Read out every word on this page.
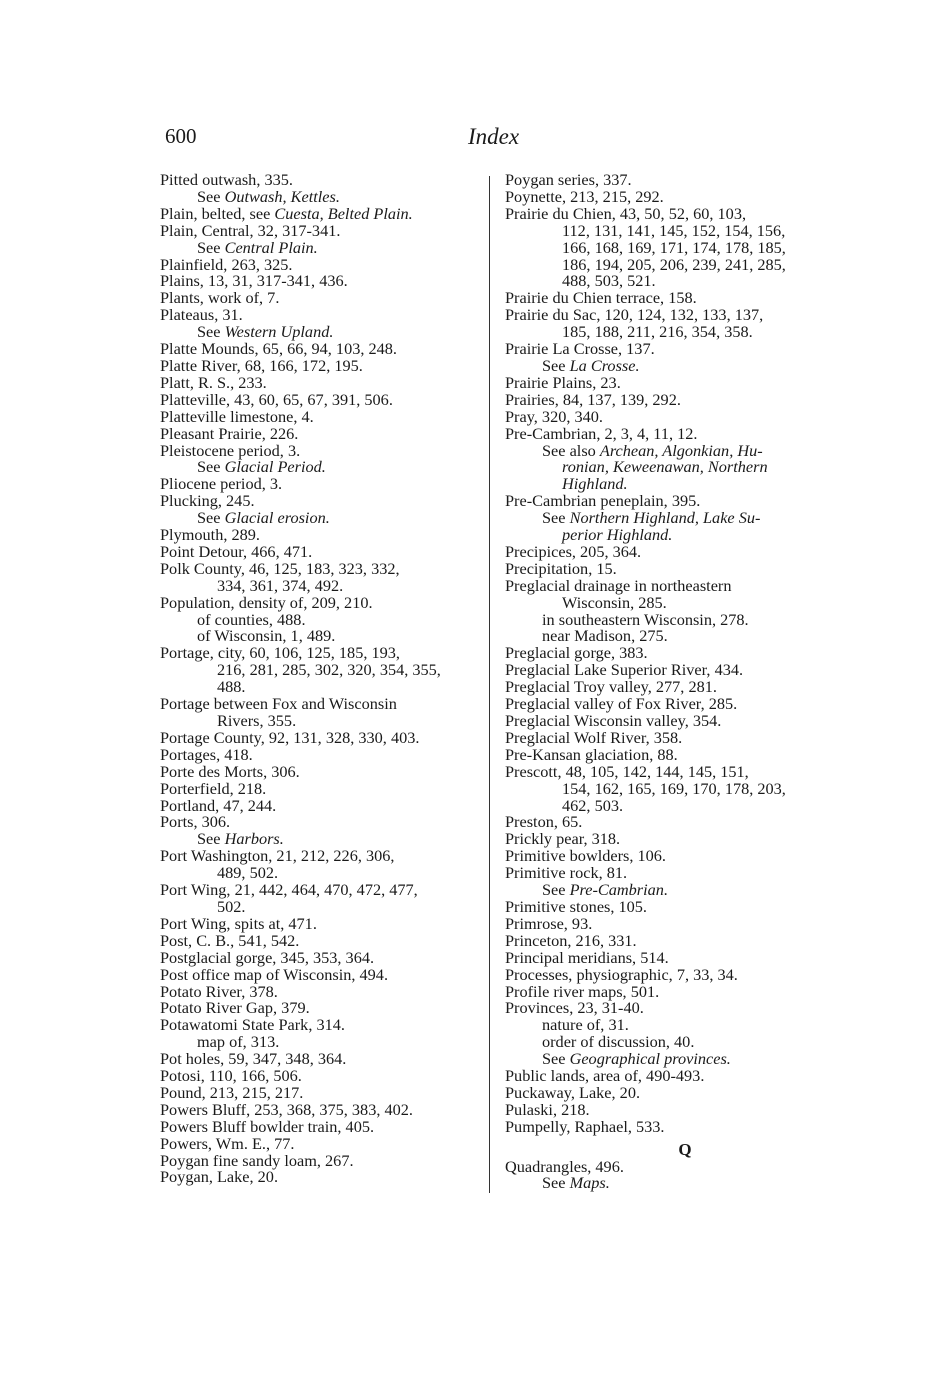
600	Index
Pitted outwash, 335.
See Outwash, Kettles.
Plain, belted, see Cuesta, Belted Plain.
Plain, Central, 32, 317-341.
See Central Plain.
Plainfield, 263, 325.
Plains, 13, 31, 317-341, 436.
Plants, work of, 7.
Plateaus, 31.
See Western Upland.
Platte Mounds, 65, 66, 94, 103, 248.
Platte River, 68, 166, 172, 195.
Platt, R. S., 233.
Platteville, 43, 60, 65, 67, 391, 506.
Platteville limestone, 4.
Pleasant Prairie, 226.
Pleistocene period, 3.
See Glacial Period.
Pliocene period, 3.
Plucking, 245.
See Glacial erosion.
Plymouth, 289.
Point Detour, 466, 471.
Polk County, 46, 125, 183, 323, 332,
334, 361, 374, 492.
Population, density of, 209, 210.
of counties, 488.
of Wisconsin, 1, 489.
Portage, city, 60, 106, 125, 185, 193,
216, 281, 285, 302, 320, 354, 355,
488.
Portage between Fox and Wisconsin
Rivers, 355.
Portage County, 92, 131, 328, 330, 403.
Portages, 418.
Porte des Morts, 306.
Porterfield, 218.
Portland, 47, 244.
Ports, 306.
See Harbors.
Port Washington, 21, 212, 226, 306,
489, 502.
Port Wing, 21, 442, 464, 470, 472, 477,
502.
Port Wing, spits at, 471.
Post, C. B., 541, 542.
Postglacial gorge, 345, 353, 364.
Post office map of Wisconsin, 494.
Potato River, 378.
Potato River Gap, 379.
Potawatomi State Park, 314.
map of, 313.
Pot holes, 59, 347, 348, 364.
Potosi, 110, 166, 506.
Pound, 213, 215, 217.
Powers Bluff, 253, 368, 375, 383, 402.
Powers Bluff bowlder train, 405.
Powers, Wm. E., 77.
Poygan fine sandy loam, 267.
Poygan, Lake, 20.
Poygan series, 337.
Poynette, 213, 215, 292.
Prairie du Chien, 43, 50, 52, 60, 103,
112, 131, 141, 145, 152, 154, 156,
166, 168, 169, 171, 174, 178, 185,
186, 194, 205, 206, 239, 241, 285,
488, 503, 521.
Prairie du Chien terrace, 158.
Prairie du Sac, 120, 124, 132, 133, 137,
185, 188, 211, 216, 354, 358.
Prairie La Crosse, 137.
See La Crosse.
Prairie Plains, 23.
Prairies, 84, 137, 139, 292.
Pray, 320, 340.
Pre-Cambrian, 2, 3, 4, 11, 12.
See also Archean, Algonkian, Hu-
ronian, Keweenawan, Northern
Highland.
Pre-Cambrian peneplain, 395.
See Northern Highland, Lake Su-
perior Highland.
Precipices, 205, 364.
Precipitation, 15.
Preglacial drainage in northeastern
Wisconsin, 285.
in southeastern Wisconsin, 278.
near Madison, 275.
Preglacial gorge, 383.
Preglacial Lake Superior River, 434.
Preglacial Troy valley, 277, 281.
Preglacial valley of Fox River, 285.
Preglacial Wisconsin valley, 354.
Preglacial Wolf River, 358.
Pre-Kansan glaciation, 88.
Prescott, 48, 105, 142, 144, 145, 151,
154, 162, 165, 169, 170, 178, 203,
462, 503.
Preston, 65.
Prickly pear, 318.
Primitive bowlders, 106.
Primitive rock, 81.
See Pre-Cambrian.
Primitive stones, 105.
Primrose, 93.
Princeton, 216, 331.
Principal meridians, 514.
Processes, physiographic, 7, 33, 34.
Profile river maps, 501.
Provinces, 23, 31-40.
nature of, 31.
order of discussion, 40.
See Geographical provinces.
Public lands, area of, 490-493.
Puckaway, Lake, 20.
Pulaski, 218.
Pumpelly, Raphael, 533.
Q
Quadrangles, 496.
See Maps.
